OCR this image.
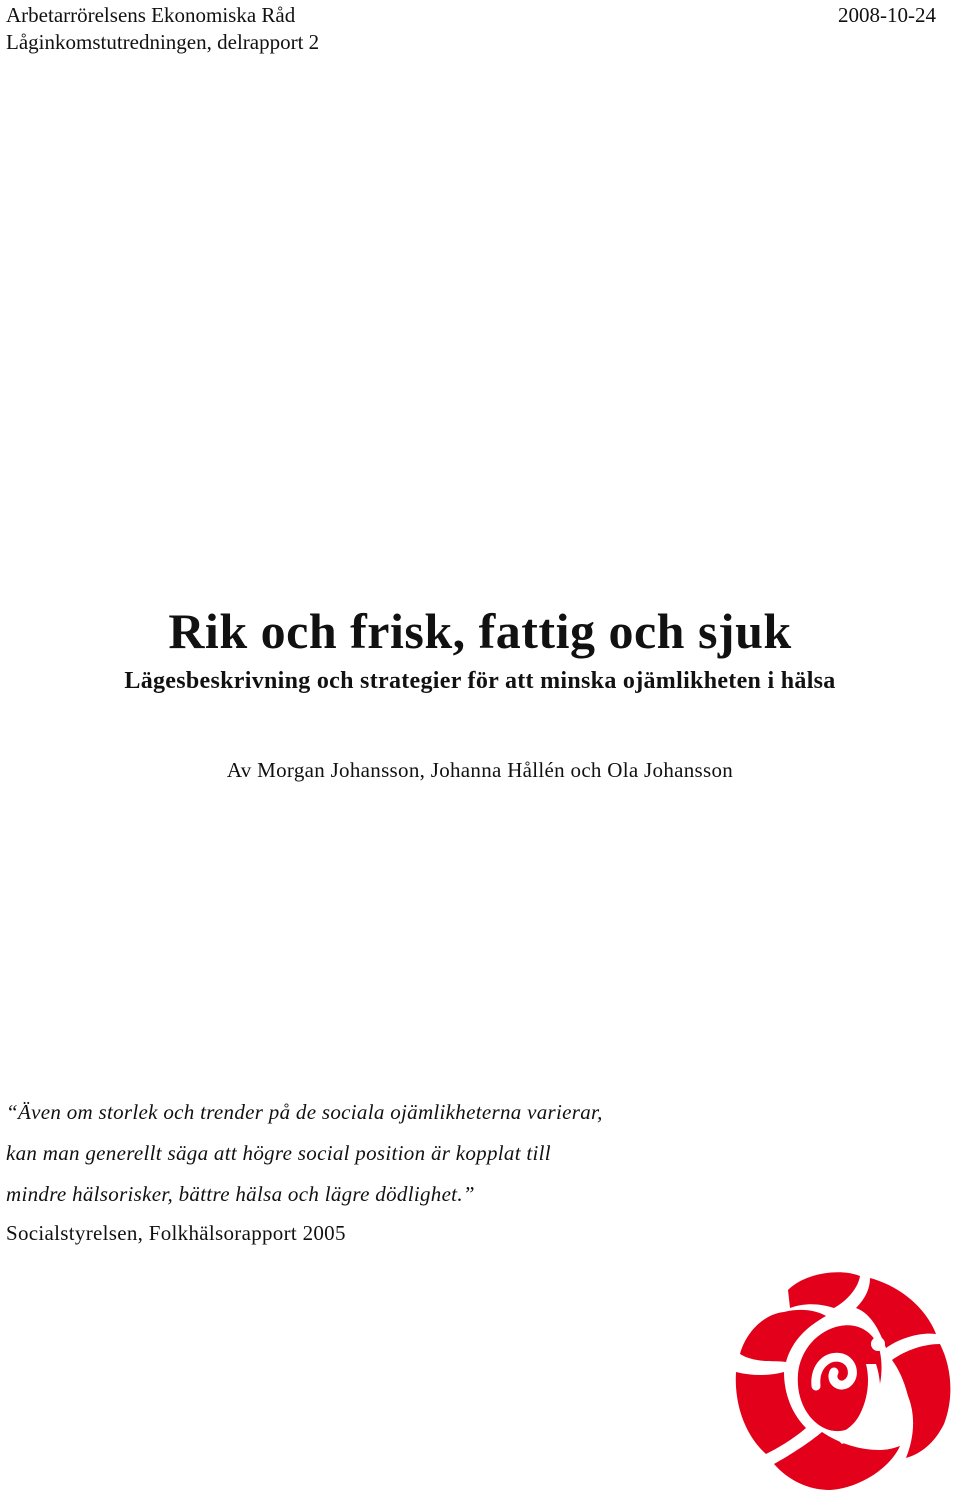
Arbetarrörelsens Ekonomiska Råd
Låginkomstutredningen, delrapport 2
2008-10-24
Rik och frisk, fattig och sjuk
Lägesbeskrivning och strategier för att minska ojämlikheten i hälsa
Av Morgan Johansson, Johanna Hållén och Ola Johansson
“Även om storlek och trender på de sociala ojämlikheterna varierar,
kan man generellt säga att högre social position är kopplat till
mindre hälsorisker, bättre hälsa och lägre dödlighet.”
Socialstyrelsen, Folkhälsorapport 2005
